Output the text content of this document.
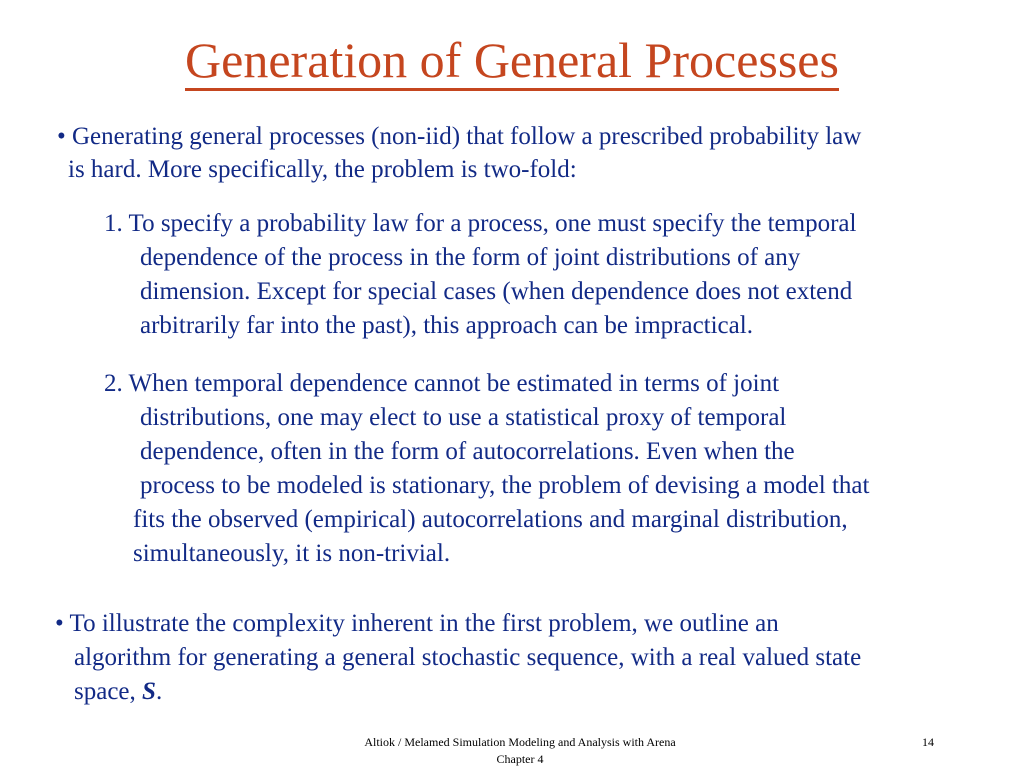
Generation of General Processes

• Generating general processes (non-iid) that follow a prescribed probability law

is hard. More specifically, the problem is two-fold:

1. To specify a probability law for a process, one must specify the temporal

dependence of the process in the form of joint distributions of any

dimension. Except for special cases (when dependence does not extend

arbitrarily far into the past), this approach can be impractical.

2. When temporal dependence cannot be estimated in terms of joint

distributions, one may elect to use a statistical proxy of temporal

dependence, often in the form of autocorrelations. Even when the

process to be modeled is stationary, the problem of devising a model that

fits the observed (empirical) autocorrelations and marginal distribution,

simultaneously, it is non-trivial.

• To illustrate the complexity inherent in the first problem, we outline an

algorithm for generating a general stochastic sequence, with a real valued state

space, S.

Altiok / Melamed Simulation Modeling and Analysis with Arena
Chapter 4
14
